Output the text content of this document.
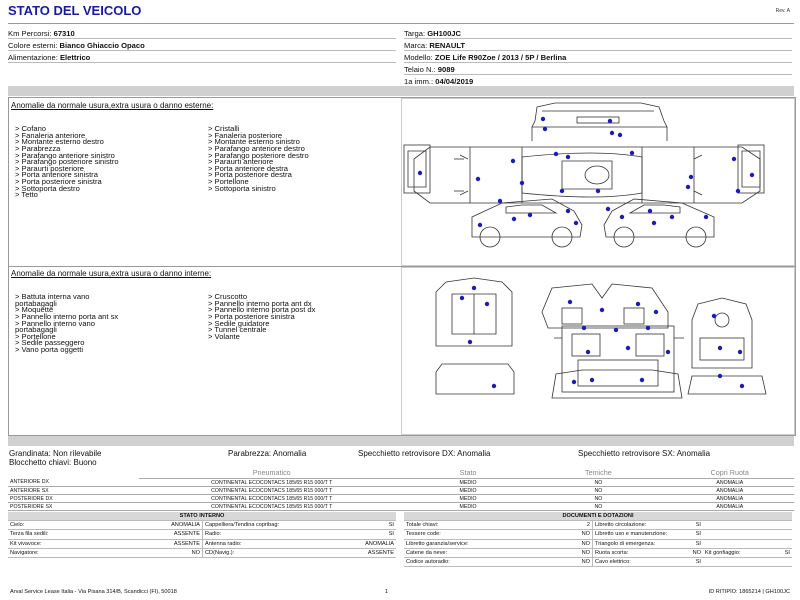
STATO DEL VEICOLO	Rev. A
Km Percorsi: 67310
Colore esterni: Bianco Ghiaccio Opaco
Alimentazione: Elettrico
Targa: GH100JC
Marca: RENAULT
Modello: ZOE Life R90Zoe / 2013 / 5P / Berlina
Telaio N.: 9089
1a imm.: 04/04/2019
Anomalie da normale usura,extra usura o danno esterne:

> Cofano
> Fanaleria anteriore
> Montante esterno destro
> Parabrezza
> Parafango anteriore sinistro
> Parafango posteriore sinistro
> Paraurti posteriore
> Porta anteriore sinistra
> Porta posteriore sinistra
> Sottoporta destro
> Tetto

> Cristalli
> Fanaleria posteriore
> Montante esterno sinistro
> Parafango anteriore destro
> Parafango posteriore destro
> Paraurti anteriore
> Porta anteriore destra
> Porta posteriore destra
> Portellone
> Sottoporta sinistro

Anomalie da normale usura,extra usura o danno interne:

> Battuta interna vano
portabagagli
> Moquette
> Pannello interno porta ant sx
> Pannello interno vano
portabagagli
> Portellone
> Sedile passeggero
> Vano porta oggetti

> Cruscotto
> Pannello interno porta ant dx
> Pannello interno porta post dx
> Porta posteriore sinistra
> Sedile guidatore
> Tunnel centrale
> Volante

Grandinata: Non rilevabile	Parabrezza: Anomalia	Specchietto retrovisore DX: Anomalia	Specchietto retrovisore SX: Anomalia
Blocchetto chiavi: Buono
	Pneumatico	Stato	Temiche	Copri Ruota
ANTERIORE DX	CONTINENTAL ECOCONTACS 185/65 R15 000/T T	MEDIO	NO	ANOMALIA
ANTERIORE SX	CONTINENTAL ECOCONTACS 185/65 R15 000/T T	MEDIO	NO	ANOMALIA
POSTERIORE DX	CONTINENTAL ECOCONTACS 185/65 R15 000/T T	MEDIO	NO	ANOMALIA
POSTERIORE SX	CONTINENTAL ECOCONTACS 185/65 R15 000/T T	MEDIO	NO	ANOMALIA
STATO INTERNO			
Cielo:	ANOMALIA	Cappelliera/Tendina copribag:	SI
Terza fila sedili:	ASSENTE	Radio:	SI
Kit vivavoce:	ASSENTE	Antenna radio:	ANOMALIA
Navigatore:	NO	CD(Navig.):	ASSENTE
DOCUMENTI E DOTAZIONI					
Totale chiavi:	2	Libretto circolazione:	SI		
Tessere code:	NO	Libretto uso e manutenzione:	SI		
Libretto garanzia/service:	NO	Triangolo di emergenza:	SI		
Catene da neve:	NO	Ruota scorta:	NO	Kit gonfiaggio:	SI
Codice autoradio:	NO	Cavo elettrico:	SI		
Arval Service Lease Italia - Via Pisana 314/B, Scandicci (FI), 50018	1	ID RITIPIO: 1865214 | GH100JC
